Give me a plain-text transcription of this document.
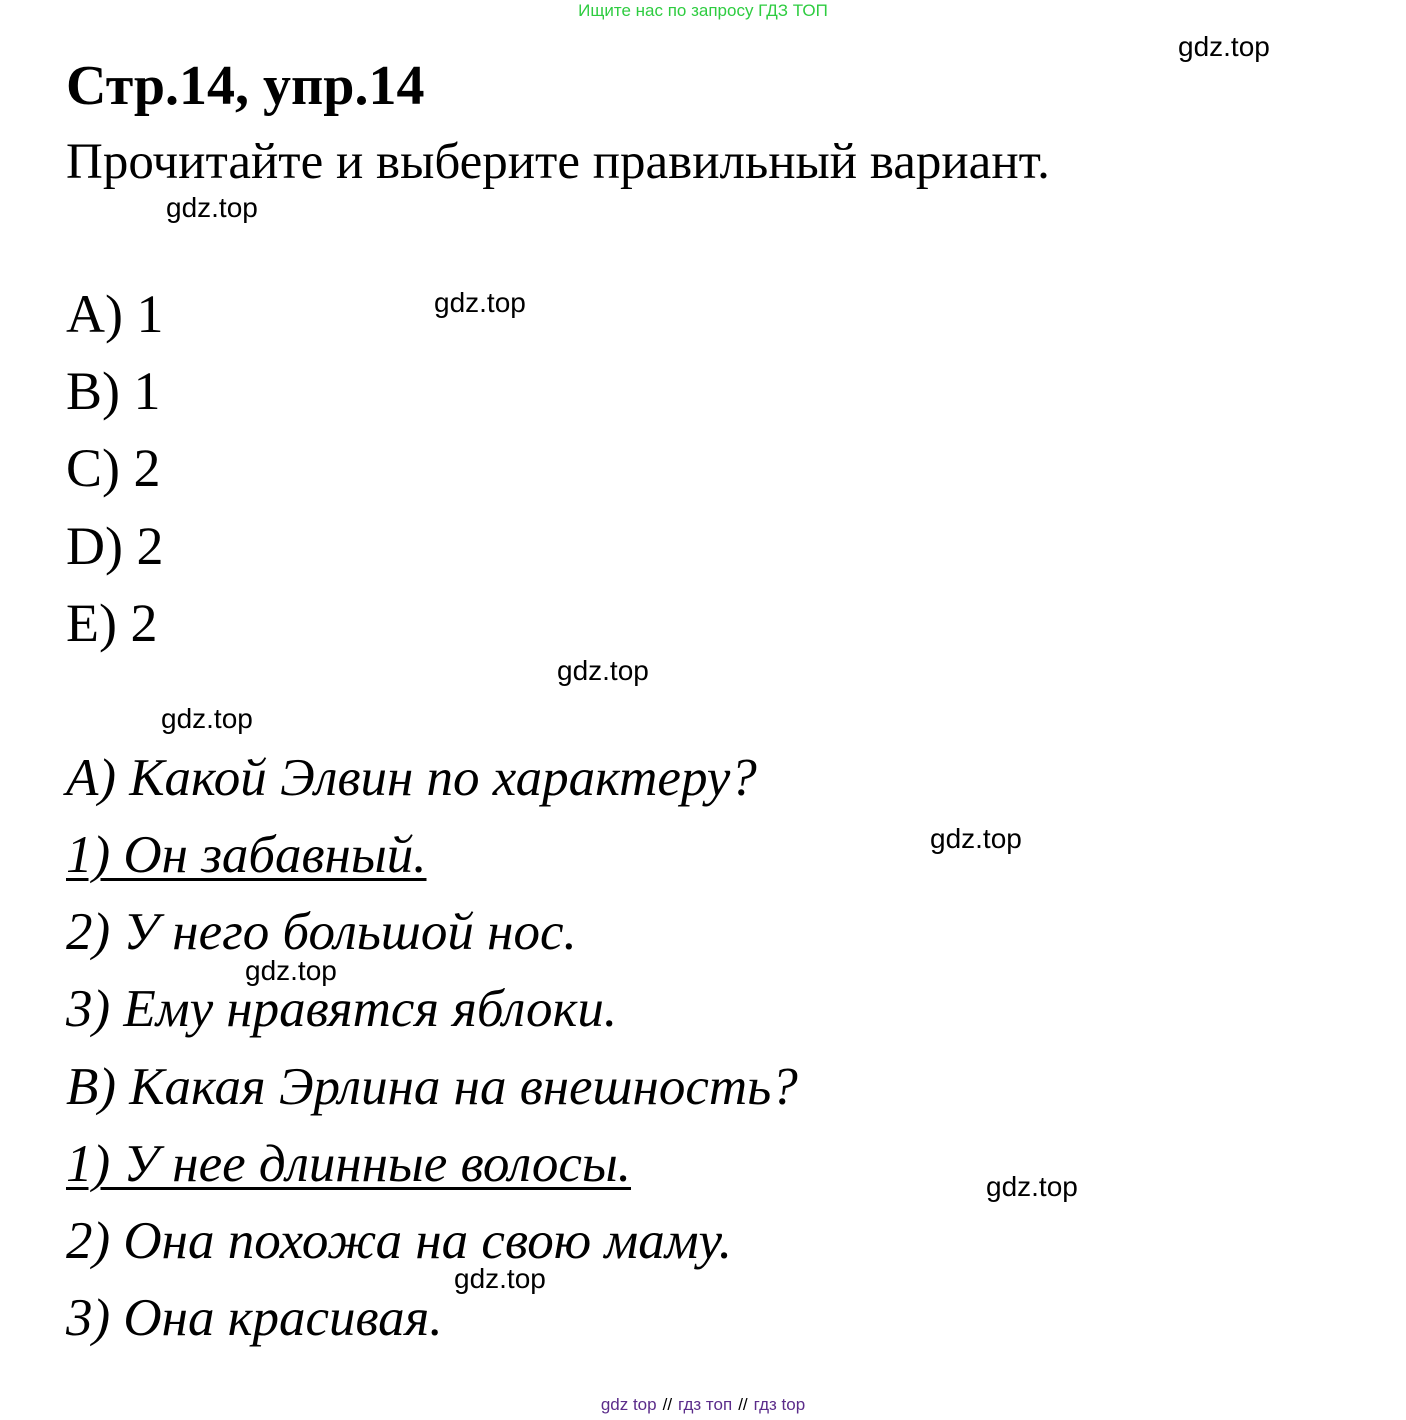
Ищите нас по запросу ГДЗ ТОП
Стр.14, упр.14
Прочитайте и выберите правильный вариант.
A) 1
B) 1
C) 2
D) 2
E) 2
A) Какой Элвин по характеру?
1) Он забавный.
2) У него большой нос.
3) Ему нравятся яблоки.
B) Какая Эрлина на внешность?
1) У нее длинные волосы.
2) Она похожа на свою маму.
3) Она красивая.
gdz.top
gdz.top
gdz.top
gdz.top
gdz.top
gdz.top
gdz.top
gdz.top
gdz.top
gdz top // гдз топ // гдз top
